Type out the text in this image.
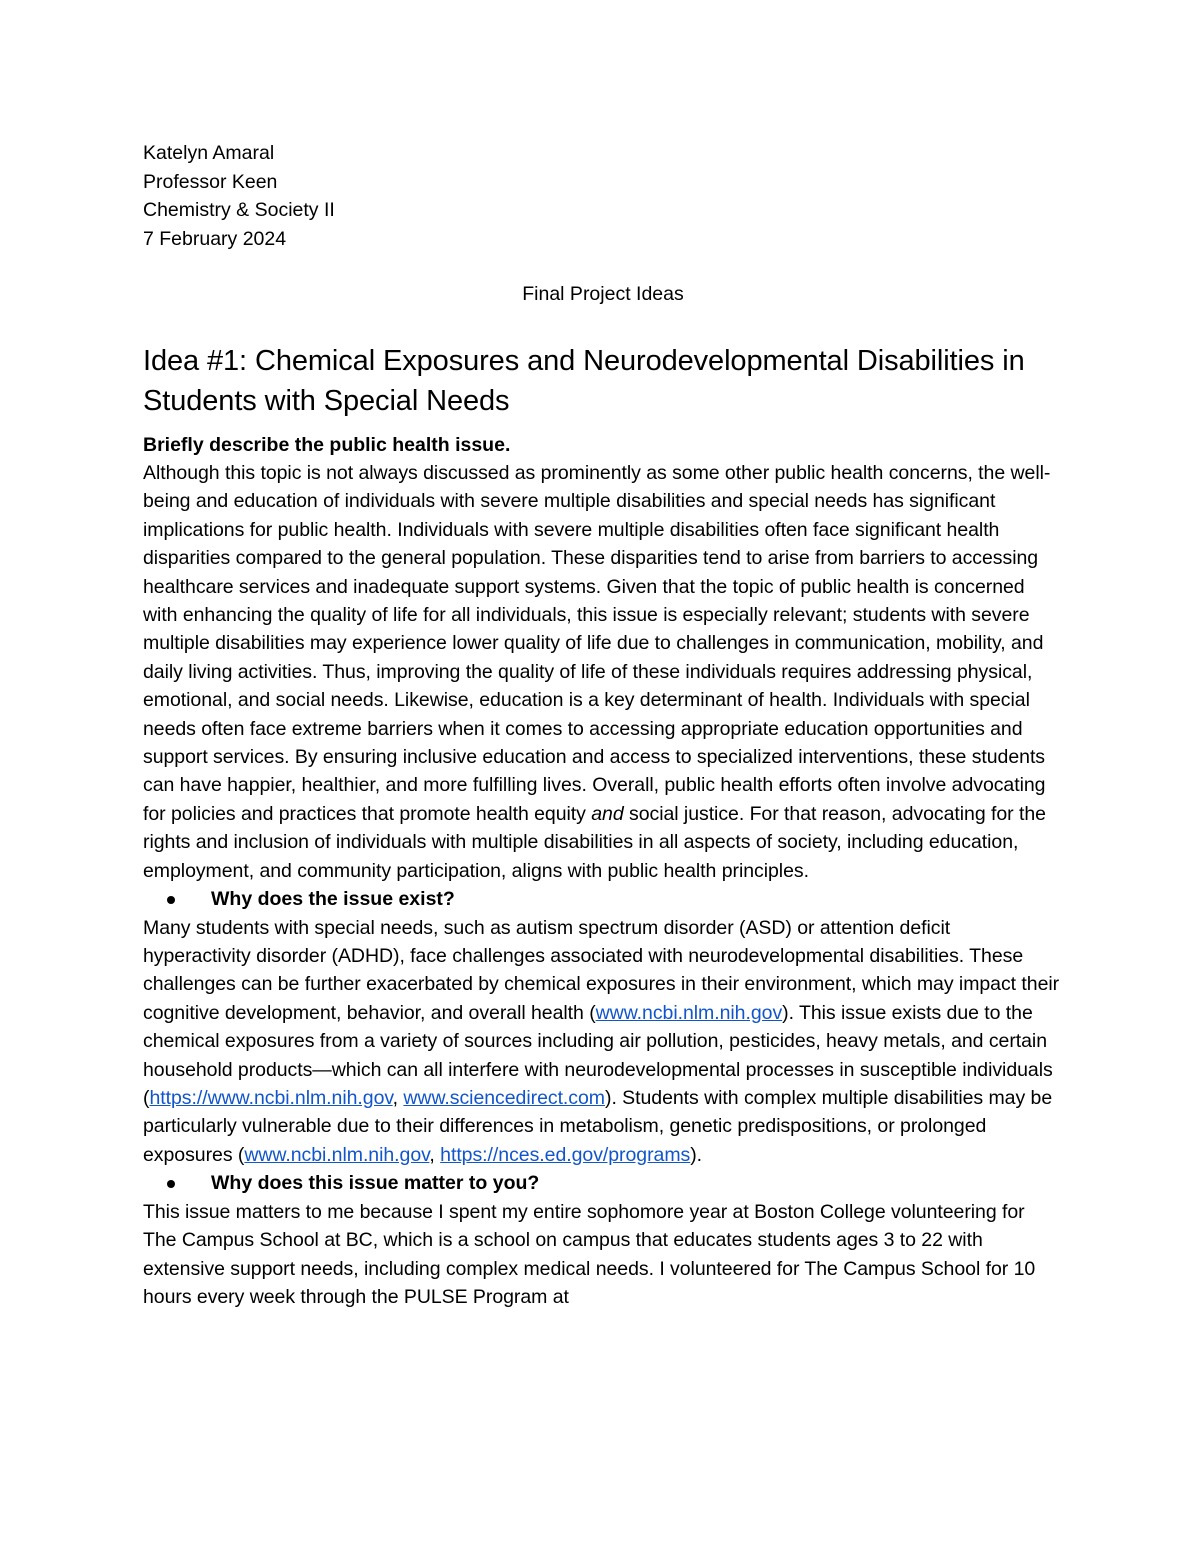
Katelyn Amaral

Professor Keen

Chemistry & Society II

7 February 2024

Final Project Ideas

Idea #1: Chemical Exposures and Neurodevelopmental Disabilities in Students with Special Needs

Briefly describe the public health issue.

Although this topic is not always discussed as prominently as some other public health concerns, the well-being and education of individuals with severe multiple disabilities and special needs has significant implications for public health. Individuals with severe multiple disabilities often face significant health disparities compared to the general population. These disparities tend to arise from barriers to accessing healthcare services and inadequate support systems. Given that the topic of public health is concerned with enhancing the quality of life for all individuals, this issue is especially relevant; students with severe multiple disabilities may experience lower quality of life due to challenges in communication, mobility, and daily living activities. Thus, improving the quality of life of these individuals requires addressing physical, emotional, and social needs. Likewise, education is a key determinant of health. Individuals with special needs often face extreme barriers when it comes to accessing appropriate education opportunities and support services. By ensuring inclusive education and access to specialized interventions, these students can have happier, healthier, and more fulfilling lives. Overall, public health efforts often involve advocating for policies and practices that promote health equity and social justice. For that reason, advocating for the rights and inclusion of individuals with multiple disabilities in all aspects of society, including education, employment, and community participation, aligns with public health principles.

Why does the issue exist?

Many students with special needs, such as autism spectrum disorder (ASD) or attention deficit hyperactivity disorder (ADHD), face challenges associated with neurodevelopmental disabilities. These challenges can be further exacerbated by chemical exposures in their environment, which may impact their cognitive development, behavior, and overall health (www.ncbi.nlm.nih.gov). This issue exists due to the chemical exposures from a variety of sources including air pollution, pesticides, heavy metals, and certain household products—which can all interfere with neurodevelopmental processes in susceptible individuals (https://www.ncbi.nlm.nih.gov, www.sciencedirect.com). Students with complex multiple disabilities may be particularly vulnerable due to their differences in metabolism, genetic predispositions, or prolonged exposures (www.ncbi.nlm.nih.gov, https://nces.ed.gov/programs).

Why does this issue matter to you?

This issue matters to me because I spent my entire sophomore year at Boston College volunteering for The Campus School at BC, which is a school on campus that educates students ages 3 to 22 with extensive support needs, including complex medical needs. I volunteered for The Campus School for 10 hours every week through the PULSE Program at
